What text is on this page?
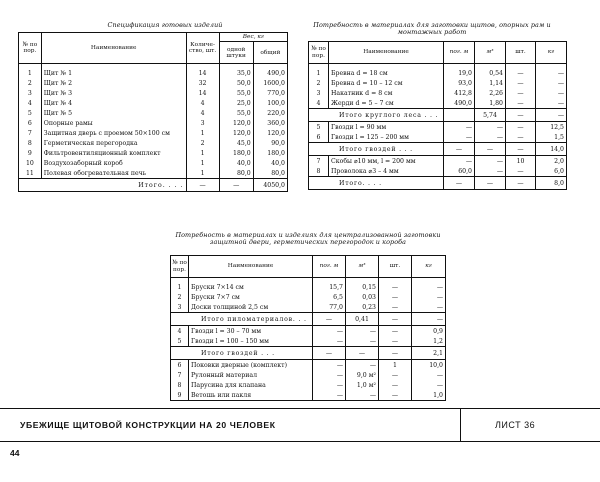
Спецификация готовых изделий
№ по пор.	Наименование	Количе-ство, шт.	Вес, кг	
			одной штуки	общий

1	Щит № 1	14	35,0	490,0
2	Щит № 2	32	50,0	1600,0
3	Щит № 3	14	55,0	770,0
4	Щит № 4	4	25,0	100,0
5	Щит № 5	4	55,0	220,0
6	Опорные рамы	3	120,0	360,0
7	Защитная дверь с проемом 50×100 см	1	120,0	120,0
8	Герметическая перегородка	2	45,0	90,0
9	Фильтровентиляционный комплект	1	180,0	180,0
10	Воздухозаборный короб	1	40,0	40,0
11	Полевая обогревательная печь	1	80,0	80,0
Итого. . . .		—	—	4050,0
Потребность в материалах для заготовки щитов, опорных рам и монтажных работ
№ по пор.	Наименование	пог. м	м³	шт.	кг

1	Бревна d = 18 см	19,0	0,54	—	—
2	Бревна d = 10 – 12 см	93,0	1,14	—	—
3	Накатник d = 8 см	412,8	2,26	—	—
4	Жерди d = 5 – 7 см	490,0	1,80	—	—
Итого круглого леса . . .			5,74	—	—
5	Гвозди l = 90 мм	—	—	—	12,5
6	Гвозди l = 125 – 200 мм	—	—	—	1,5
Итого гвоздей . . .		—	—	—	14,0
7	Скобы ⌀10 мм, l = 200 мм	—	—	10	2,0
8	Проволока ⌀3 – 4 мм	60,0	—	—	6,0
Итого. . . .		—	—	—	8,0
Потребность в материалах и изделиях для централизованной заготовки защитной двери, герметических перегородок и короба
№ по пор.	Наименование	пог. м	м³	шт.	кг

1	Бруски 7×14 см	15,7	0,15	—	—
2	Бруски 7×7 см	6,5	0,03	—	—
3	Доски толщиной 2,5 см	77,0	0,23	—	—
Итого пиломатериалов. . .		—	0,41	—	—
4	Гвозди l = 30 – 70 мм	—	—	—	0,9
5	Гвозди l = 100 – 150 мм	—	—	—	1,2
Итого гвоздей . . .		—	—	—	2,1
6	Поковки дверные (комплект)	—	—	1	10,0
7	Рулонный материал	—	9,0 м²	—	—
8	Парусина для клапана	—	1,0 м²	—	—
9	Ветошь или пакля	—	—	—	1,0
УБЕЖИЩЕ ЩИТОВОЙ КОНСТРУКЦИИ НА 20 ЧЕЛОВЕК	ЛИСТ 36
44
